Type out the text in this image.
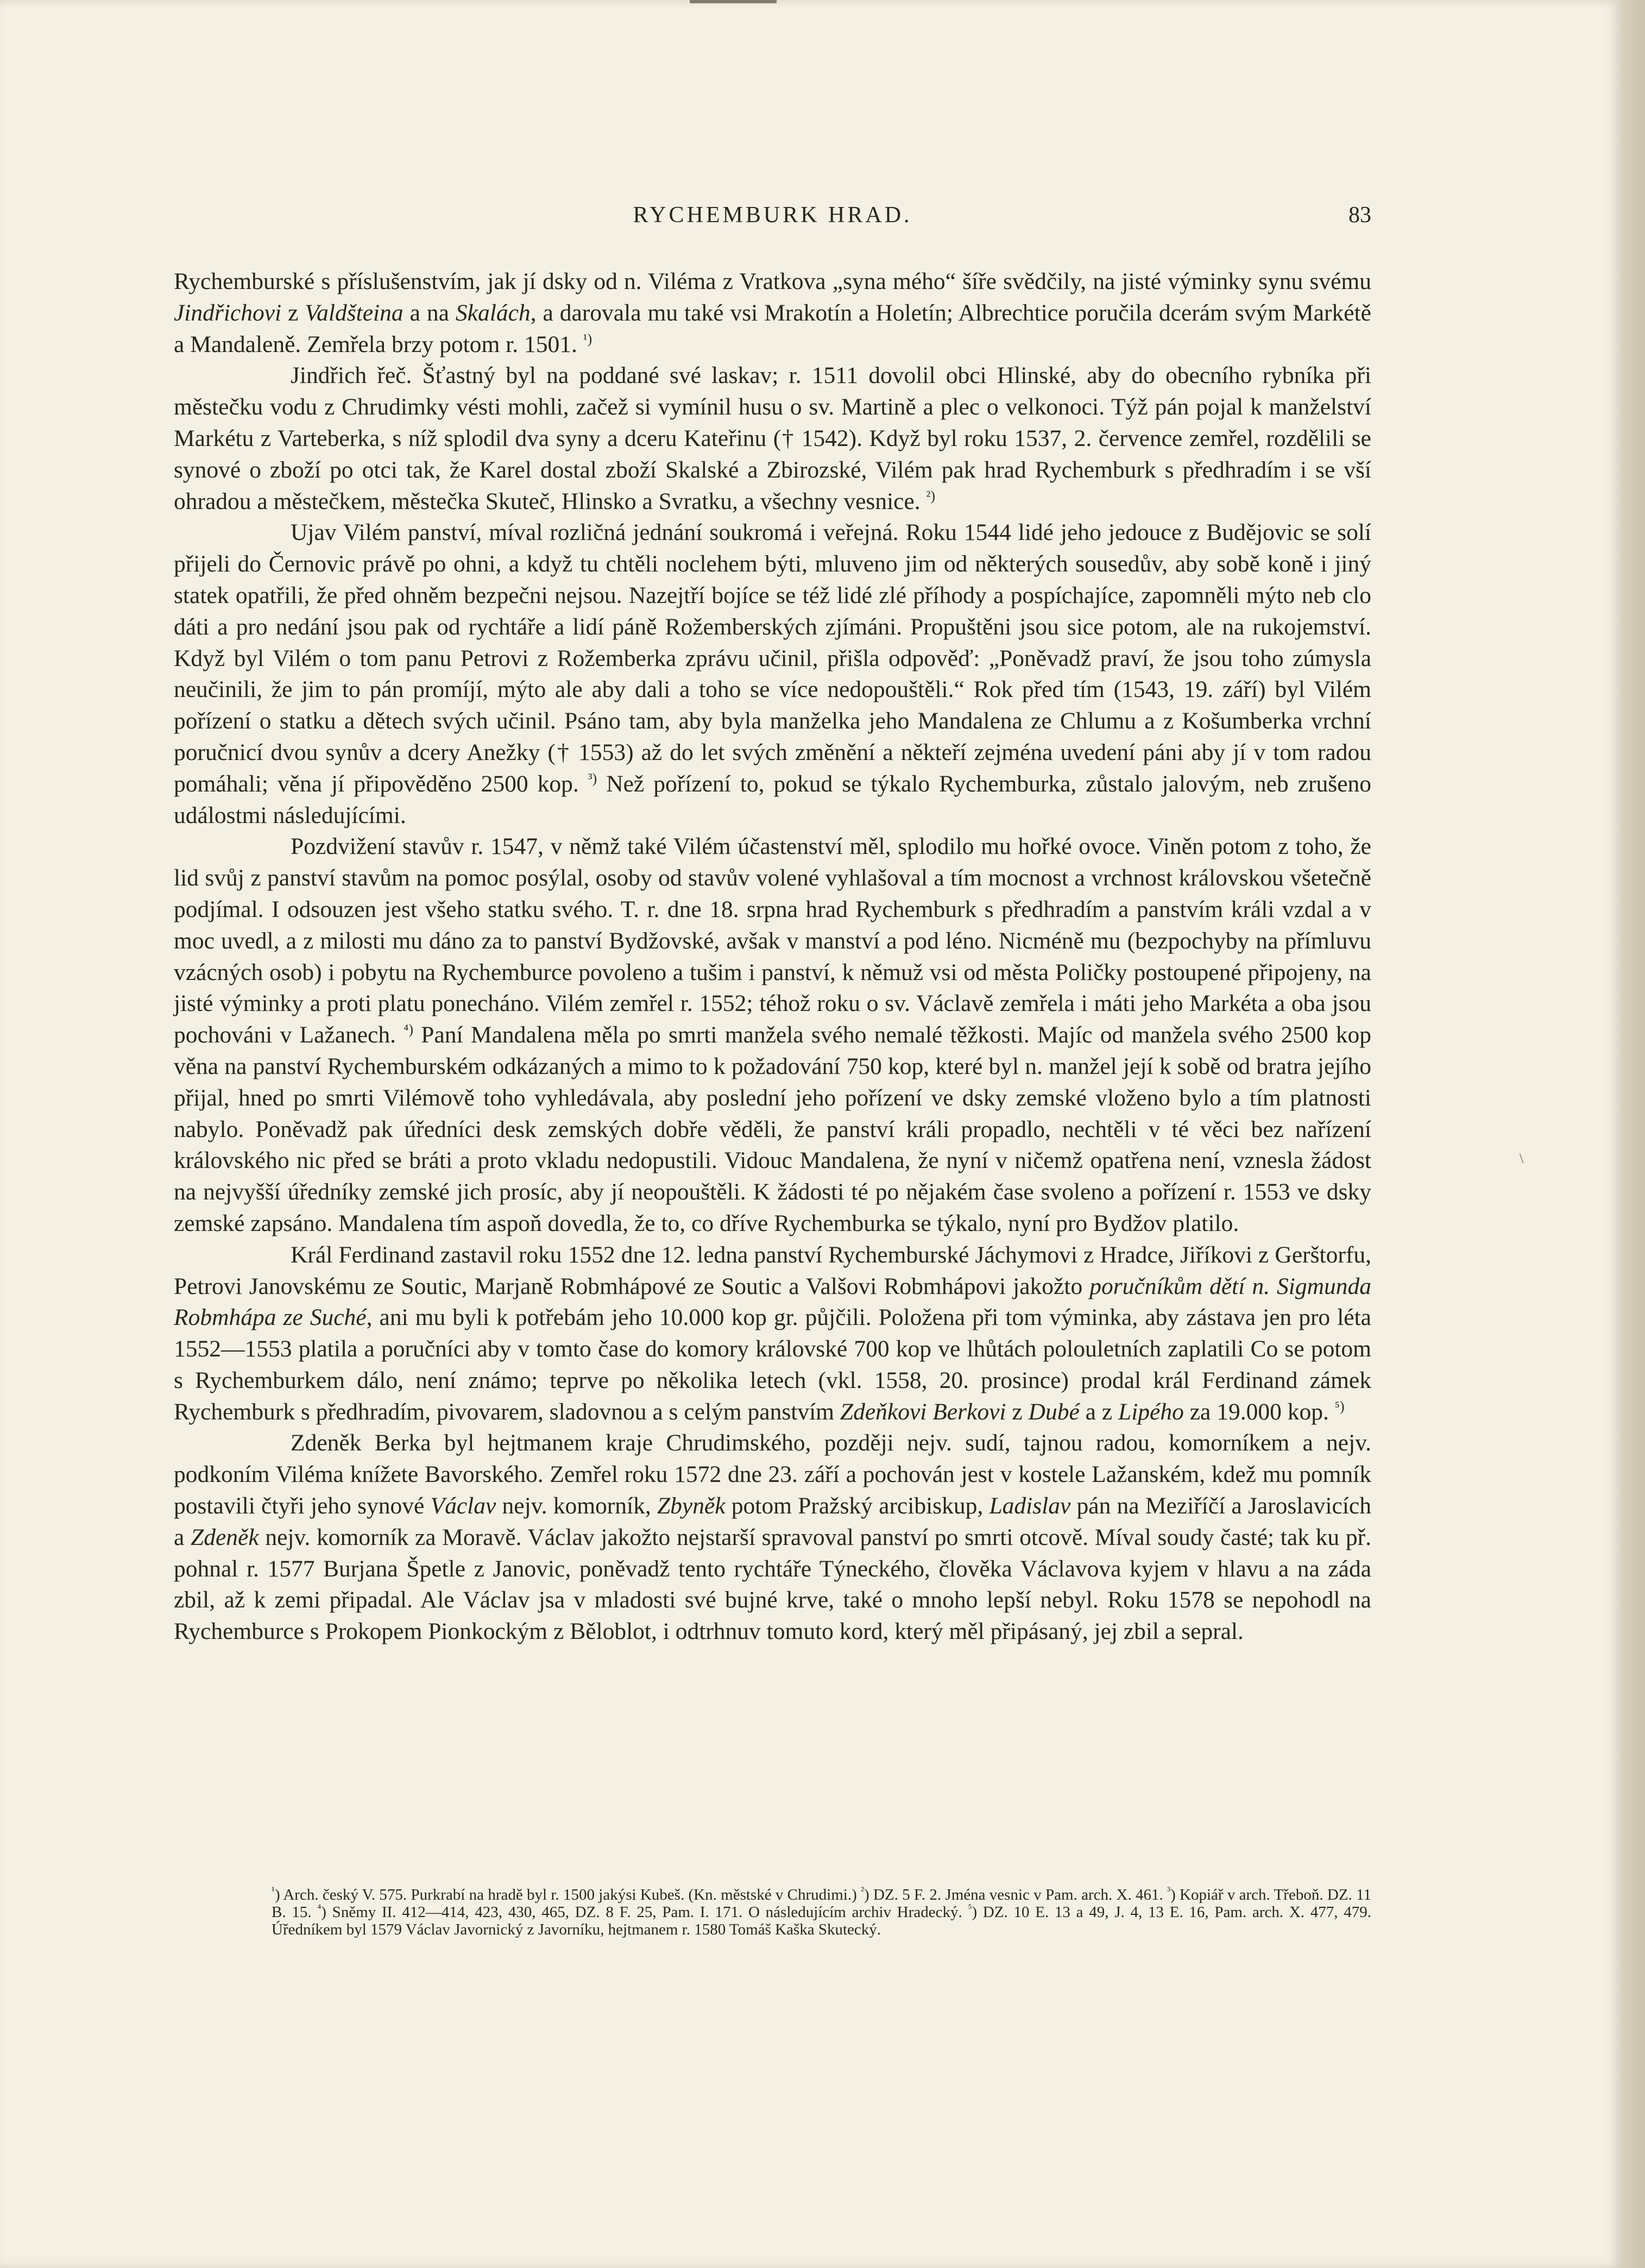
RYCHEMBURK HRAD.	83

Rychemburské s příslušenstvím, jak jí dsky od n. Viléma z Vratkova „syna mého“ šíře svědčily, na jisté výminky synu svému Jindřichovi z Valdšteina a na Skalách, a darovala mu také vsi Mrakotín a Holetín; Albrechtice poručila dcerám svým Markétě a Mandaleně. Zemřela brzy potom r. 1501. $^{^1)}$

Jindřich řeč. Šťastný byl na poddané své laskav; r. 1511 dovolil obci Hlinské, aby do obecního rybníka při městečku vodu z Chrudimky vésti mohli, začež si vymínil husu o sv. Martině a plec o velkonoci. Týž pán pojal k manželství Markétu z Varteberka, s níž splodil dva syny a dceru Kateřinu († 1542). Když byl roku 1537, 2. července zemřel, rozdělili se synové o zboží po otci tak, že Karel dostal zboží Skalské a Zbirozské, Vilém pak hrad Rychemburk s předhradím i se vší ohradou a městečkem, městečka Skuteč, Hlinsko a Svratku, a všechny vesnice. $^{^2)}$

Ujav Vilém panství, míval rozličná jednání soukromá i veřejná. Roku 1544 lidé jeho jedouce z Budějovic se solí přijeli do Černovic právě po ohni, a když tu chtěli noclehem býti, mluveno jim od některých sousedův, aby sobě koně i jiný statek opatřili, že před ohněm bezpečni nejsou. Nazejtří bojíce se též lidé zlé příhody a pospíchajíce, zapomněli mýto neb clo dáti a pro nedání jsou pak od rychtáře a lidí páně Rožemberských zjímáni. Propuštěni jsou sice potom, ale na rukojemství. Když byl Vilém o tom panu Petrovi z Rožemberka zprávu učinil, přišla odpověď: „Poněvadž praví, že jsou toho zúmysla neučinili, že jim to pán promíjí, mýto ale aby dali a toho se více nedopouštěli.“ Rok před tím (1543, 19. září) byl Vilém pořízení o statku a dětech svých učinil. Psáno tam, aby byla manželka jeho Mandalena ze Chlumu a z Košumberka vrchní poručnicí dvou synův a dcery Anežky († 1553) až do let svých změnění a někteří zejména uvedení páni aby jí v tom radou pomáhali; věna jí připověděno 2500 kop. $^{^3)}$ Než pořízení to, pokud se týkalo Rychemburka, zůstalo jalovým, neb zrušeno událostmi následujícími.

Pozdvižení stavův r. 1547, v němž také Vilém účastenství měl, splodilo mu hořké ovoce. Viněn potom z toho, že lid svůj z panství stavům na pomoc posýlal, osoby od stavův volené vyhlašoval a tím mocnost a vrchnost královskou všetečně podjímal. I odsouzen jest všeho statku svého. T. r. dne 18. srpna hrad Rychemburk s předhradím a panstvím králi vzdal a v moc uvedl, a z milosti mu dáno za to panství Bydžovské, avšak v manství a pod léno. Nicméně mu (bezpochyby na přímluvu vzácných osob) i pobytu na Rychemburce povoleno a tušim i panství, k němuž vsi od města Poličky postoupené připojeny, na jisté výminky a proti platu ponecháno. Vilém zemřel r. 1552; téhož roku o sv. Václavě zemřela i máti jeho Markéta a oba jsou pochováni v Lažanech. $^{^4)}$ Paní Mandalena měla po smrti manžela svého nemalé těžkosti. Majíc od manžela svého 2500 kop věna na panství Rychemburském odkázaných a mimo to k požadování 750 kop, které byl n. manžel její k sobě od bratra jejího přijal, hned po smrti Vilémově toho vyhledávala, aby poslední jeho pořízení ve dsky zemské vloženo bylo a tím platnosti nabylo. Poněvadž pak úředníci desk zemských dobře věděli, že panství králi propadlo, nechtěli v té věci bez nařízení královského nic před se bráti a proto vkladu nedopustili. Vidouc Mandalena, že nyní v ničemž opatřena není, vznesla žádost na nejvyšší úředníky zemské jich prosíc, aby jí neopouštěli. K žádosti té po nějakém čase svoleno a pořízení r. 1553 ve dsky zemské zapsáno. Mandalena tím aspoň dovedla, že to, co dříve Rychemburka se týkalo, nyní pro Bydžov platilo.

Král Ferdinand zastavil roku 1552 dne 12. ledna panství Rychemburské Jáchymovi z Hradce, Jiříkovi z Gerštorfu, Petrovi Janovskému ze Soutic, Marjaně Robmhápové ze Soutic a Valšovi Robmhápovi jakožto poručníkům dětí n. Sigmunda Robmhápa ze Suché, ani mu byli k potřebám jeho 10.000 kop gr. půjčili. Položena při tom výminka, aby zástava jen pro léta 1552—1553 platila a poručníci aby v tomto čase do komory královské 700 kop ve lhůtách polouletních zaplatili Co se potom s Rychemburkem dálo, není známo; teprve po několika letech (vkl. 1558, 20. prosince) prodal král Ferdinand zámek Rychemburk s předhradím, pivovarem, sladovnou a s celým panstvím Zdeňkovi Berkovi z Dubé a z Lipého za 19.000 kop. $^{^5)}$

Zdeněk Berka byl hejtmanem kraje Chrudimského, později nejv. sudí, tajnou radou, komorníkem a nejv. podkoním Viléma knížete Bavorského. Zemřel roku 1572 dne 23. září a pochován jest v kostele Lažanském, kdež mu pomník postavili čtyři jeho synové Václav nejv. komorník, Zbyněk potom Pražský arcibiskup, Ladislav pán na Meziříčí a Jaroslavicích a Zdeněk nejv. komorník za Moravě. Václav jakožto nejstarší spravoval panství po smrti otcově. Míval soudy časté; tak ku př. pohnal r. 1577 Burjana Špetle z Janovic, poněvadž tento rychtáře Týneckého, člověka Václavova kyjem v hlavu a na záda zbil, až k zemi připadal. Ale Václav jsa v mladosti své bujné krve, také o mnoho lepší nebyl. Roku 1578 se nepohodl na Rychemburce s Prokopem Pionkockým z Běloblot, i odtrhnuv tomuto kord, který měl připásaný, jej zbil a sepral.

$^{^1}$) Arch. český V. 575. Purkrabí na hradě byl r. 1500 jakýsi Kubeš. (Kn. městské v Chrudimi.) $^{^2}$) DZ. 5 F. 2. Jména vesnic v Pam. arch. X. 461. $^{^3}$) Kopiář v arch. Třeboň. DZ. 11 B. 15. $^{^4}$) Sněmy II. 412—414, 423, 430, 465, DZ. 8 F. 25, Pam. I. 171. O následujícím archiv Hradecký. $^{^5}$) DZ. 10 E. 13 a 49, J. 4, 13 E. 16, Pam. arch. X. 477, 479. Úředníkem byl 1579 Václav Javornický z Javorníku, hejtmanem r. 1580 Tomáš Kaška Skutecký.
\
